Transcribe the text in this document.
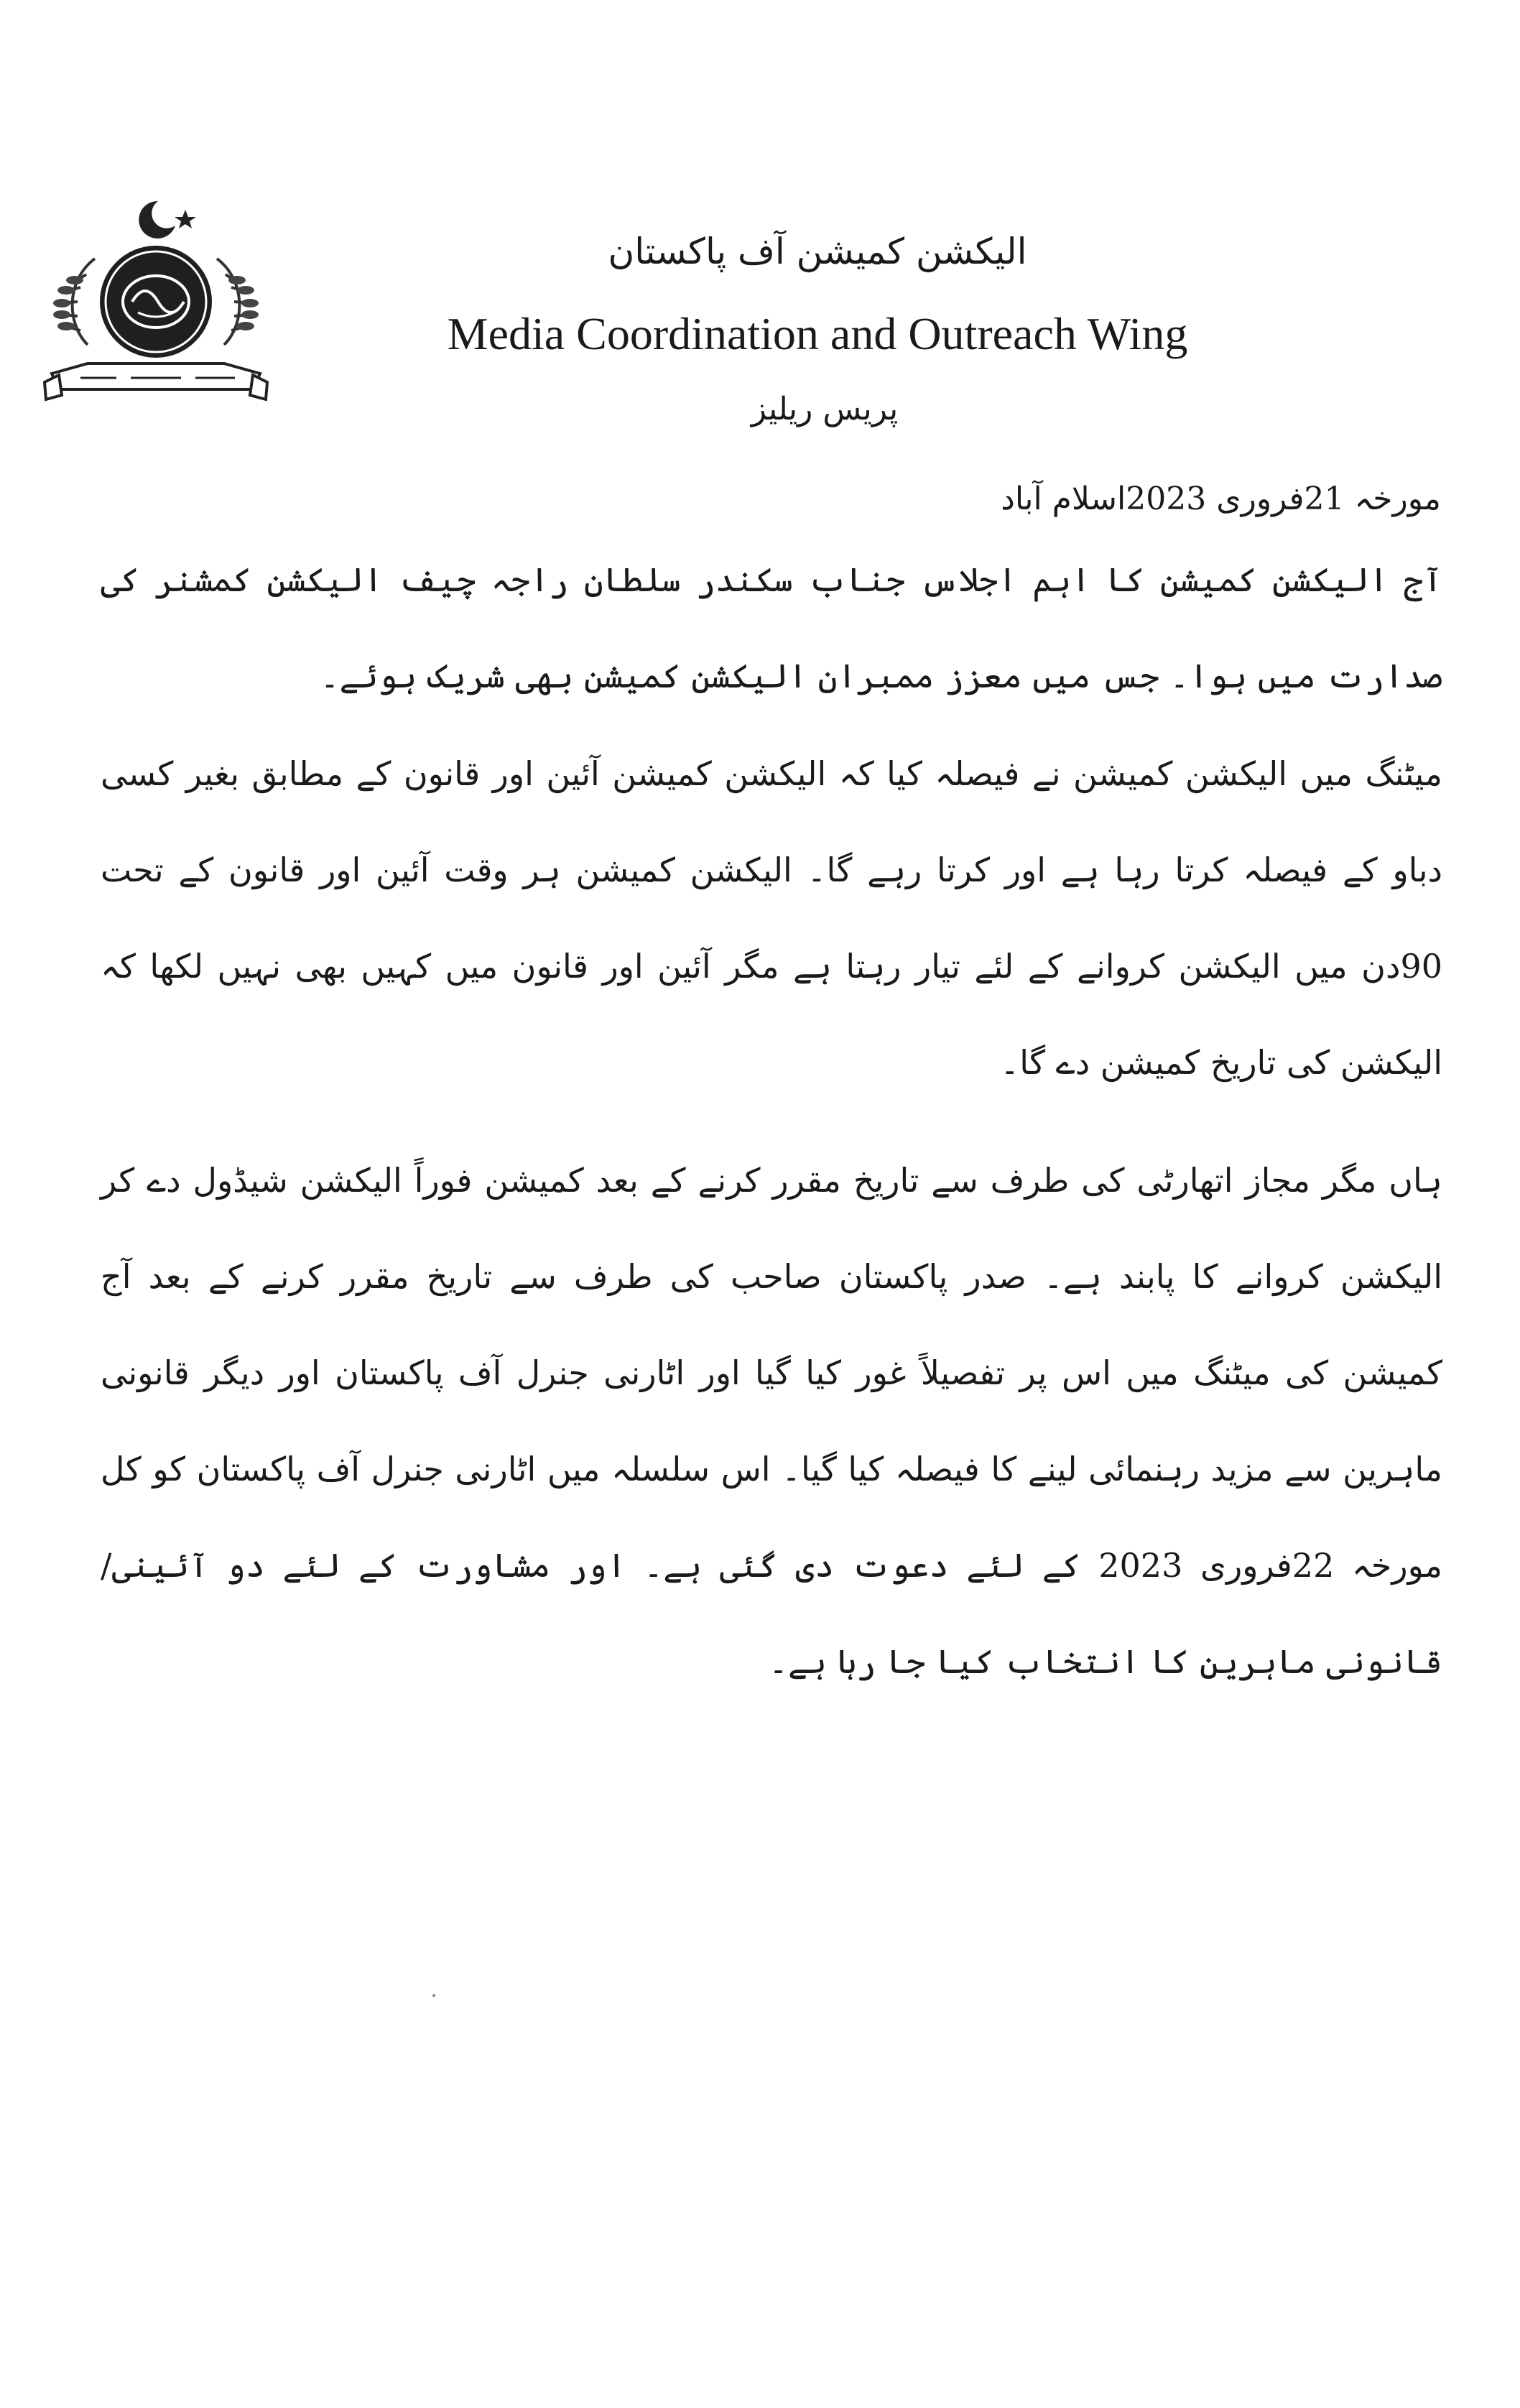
الیکشن کمیشن آف پاکستان
Media Coordination and Outreach Wing
پریس ریلیز
مورخہ 21فروری 2023اسلام آباد

آج الیکشن کمیشن کا اہم اجلاس جناب سکندر سلطان راجہ چیف الیکشن کمشنر کی صدارت میں ہوا۔ جس میں معزز ممبران الیکشن کمیشن بھی شریک ہوئے۔

میٹنگ میں الیکشن کمیشن نے فیصلہ کیا کہ الیکشن کمیشن آئین اور قانون کے مطابق بغیر کسی دباو کے فیصلہ کرتا رہا ہے اور کرتا رہے گا۔ الیکشن کمیشن ہر وقت آئین اور قانون کے تحت 90دن میں الیکشن کروانے کے لئے تیار رہتا ہے مگر آئین اور قانون میں کہیں بھی نہیں لکھا کہ الیکشن کی تاریخ کمیشن دے گا۔

ہاں مگر مجاز اتھارٹی کی طرف سے تاریخ مقرر کرنے کے بعد کمیشن فوراً الیکشن شیڈول دے کر الیکشن کروانے کا پابند ہے۔ صدر پاکستان صاحب کی طرف سے تاریخ مقرر کرنے کے بعد آج کمیشن کی میٹنگ میں اس پر تفصیلاً غور کیا گیا اور اٹارنی جنرل آف پاکستان اور دیگر قانونی ماہرین سے مزید رہنمائی لینے کا فیصلہ کیا گیا۔ اس سلسلہ میں اٹارنی جنرل آف پاکستان کو کل مورخہ 22فروری 2023 کے لئے دعوت دی گئی ہے۔ اور مشاورت کے لئے دو آئینی/ قانونی ماہرین کا انتخاب کیا جا رہا ہے۔
